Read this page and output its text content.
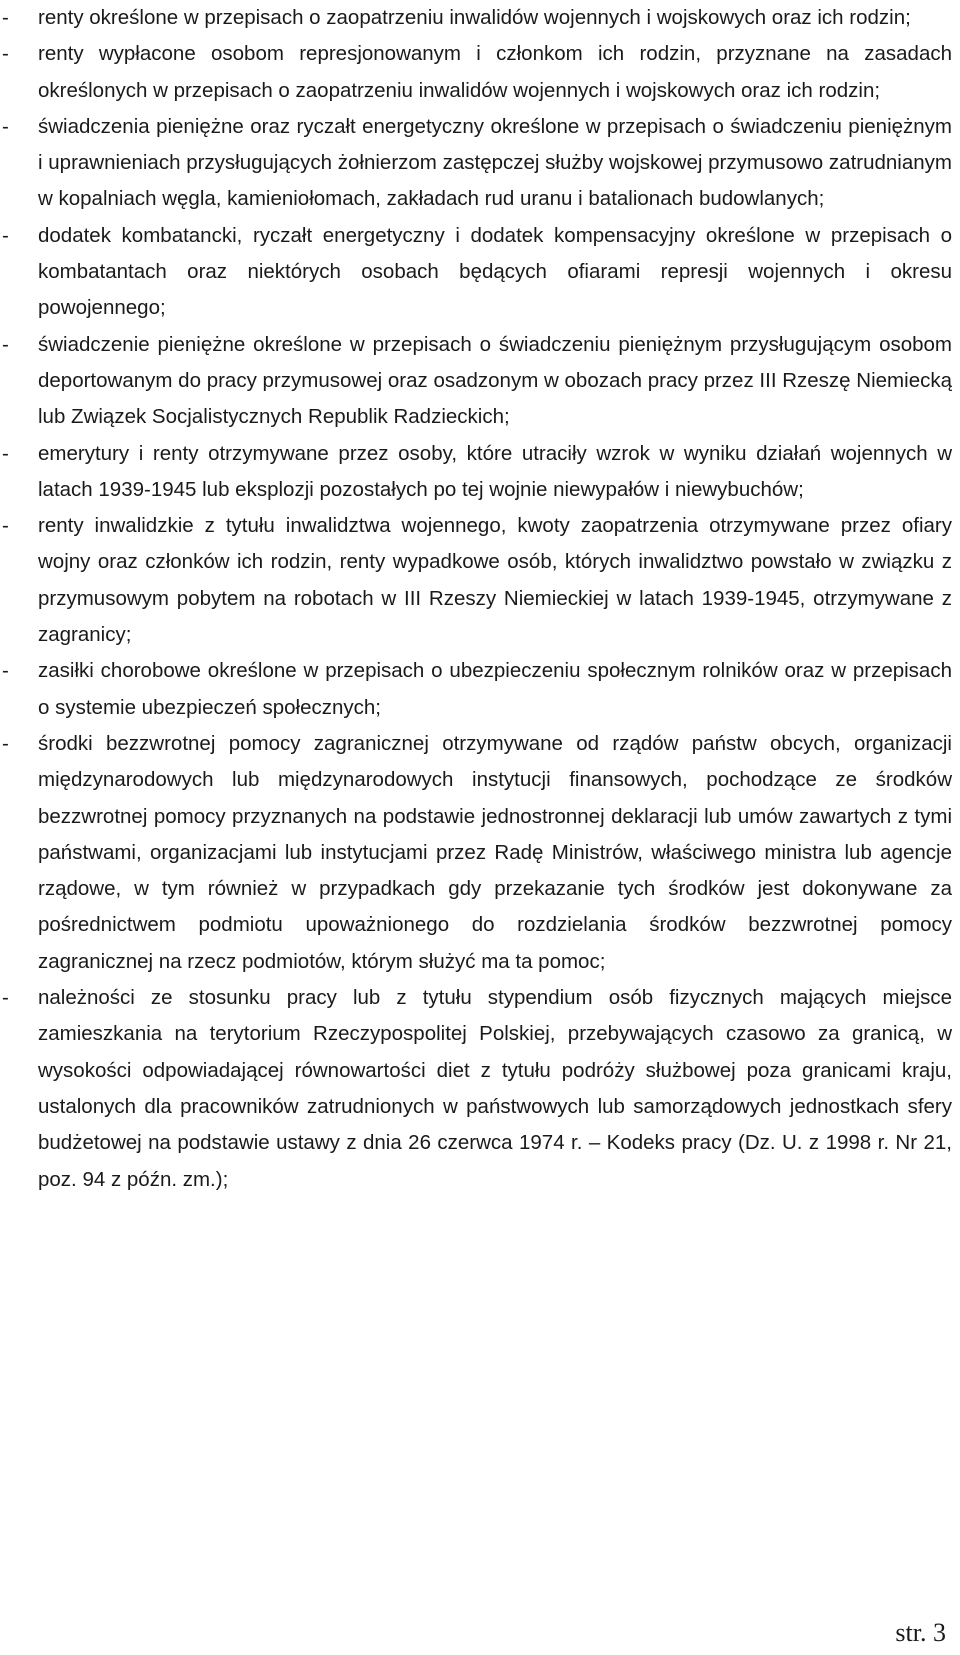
- renty określone w przepisach o zaopatrzeniu inwalidów wojennych i wojskowych oraz ich rodzin;
- renty wypłacone osobom represjonowanym i członkom ich rodzin, przyznane na zasadach określonych w przepisach o zaopatrzeniu inwalidów wojennych i wojskowych oraz ich rodzin;
- świadczenia pieniężne oraz ryczałt energetyczny określone w przepisach o świadczeniu pieniężnym i uprawnieniach przysługujących żołnierzom zastępczej służby wojskowej przymusowo zatrudnianym w kopalniach węgla, kamieniołomach, zakładach rud uranu i batalionach budowlanych;
- dodatek kombatancki, ryczałt energetyczny i dodatek kompensacyjny określone w przepisach o kombatantach oraz niektórych osobach będących ofiarami represji wojennych i okresu powojennego;
- świadczenie pieniężne określone w przepisach o świadczeniu pieniężnym przysługującym osobom deportowanym do pracy przymusowej oraz osadzonym w obozach pracy przez III Rzeszę Niemiecką lub Związek Socjalistycznych Republik Radzieckich;
- emerytury i renty otrzymywane przez osoby, które utraciły wzrok w wyniku działań wojennych w latach 1939-1945 lub eksplozji pozostałych po tej wojnie niewypałów i niewybuchów;
- renty inwalidzkie z tytułu inwalidztwa wojennego, kwoty zaopatrzenia otrzymywane przez ofiary wojny oraz członków ich rodzin, renty wypadkowe osób, których inwalidztwo powstało w związku z przymusowym pobytem na robotach w III Rzeszy Niemieckiej w latach 1939-1945, otrzymywane z zagranicy;
- zasiłki chorobowe określone w przepisach o ubezpieczeniu społecznym rolników oraz w przepisach o systemie ubezpieczeń społecznych;
- środki bezzwrotnej pomocy zagranicznej otrzymywane od rządów państw obcych, organizacji międzynarodowych lub międzynarodowych instytucji finansowych, pochodzące ze środków bezzwrotnej pomocy przyznanych na podstawie jednostronnej deklaracji lub umów zawartych z tymi państwami, organizacjami lub instytucjami przez Radę Ministrów, właściwego ministra lub agencje rządowe, w tym również w przypadkach gdy przekazanie tych środków jest dokonywane za pośrednictwem podmiotu upoważnionego do rozdzielania środków bezzwrotnej pomocy zagranicznej na rzecz podmiotów, którym służyć ma ta pomoc;
- należności ze stosunku pracy lub z tytułu stypendium osób fizycznych mających miejsce zamieszkania na terytorium Rzeczypospolitej Polskiej, przebywających czasowo za granicą, w wysokości odpowiadającej równowartości diet z tytułu podróży służbowej poza granicami kraju, ustalonych dla pracowników zatrudnionych w państwowych lub samorządowych jednostkach sfery budżetowej na podstawie ustawy z dnia 26 czerwca 1974 r. – Kodeks pracy (Dz. U. z 1998 r. Nr 21, poz. 94 z późn. zm.);
str. 3
